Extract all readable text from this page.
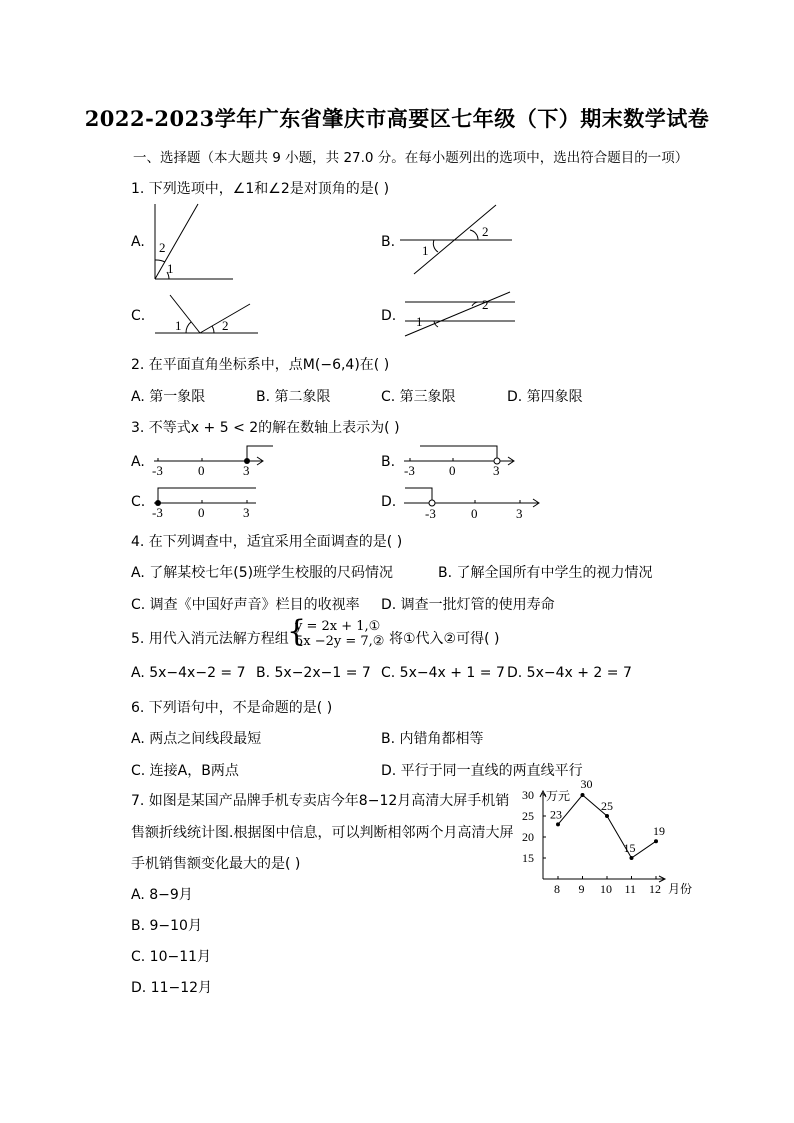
2022-2023学年广东省肇庆市高要区七年级（下）期末数学试卷
一、选择题（本大题共 9 小题，共 27.0 分。在每小题列出的选项中，选出符合题目的一项）
1. 下列选项中，∠1和∠2是对顶角的是( )
A. 2
1
B.
1
2
C.
1	2
D. 1
2
2. 在平面直角坐标系中，点M(−6,4)在( )
A. 第一象限	B. 第二象限	C. 第三象限	D. 第四象限
3. 不等式x + 5 < 2的解在数轴上表示为( )
A.
-3	0	3
B.
-3	0	3
C.
-3	0	3
D.
-3	0	3
4. 在下列调查中，适宜采用全面调查的是( )
A. 了解某校七年(5)班学生校服的尺码情况	B. 了解全国所有中学生的视力情况
C. 调查《中国好声音》栏目的收视率 D. 调查一批灯管的使用寿命
5. 用代入消元法解方程组
{
y = 2x + 1,①
5x −2y = 7,② 将①代入②可得( )
A. 5x−4x−2 = 7 B. 5x−2x−1 = 7 C. 5x−4x + 1 = 7 D. 5x−4x + 2 = 7
6. 下列语句中，不是命题的是( )
A. 两点之间线段最短	B. 内错角都相等
C. 连接A，B两点	D. 平行于同一直线的两直线平行
7. 如图是某国产品牌手机专卖店今年8−12月高清大屏手机销
售额折线统计图.根据图中信息，可以判断相邻两个月高清大屏
手机销售额变化最大的是( )
A. 8−9月
B. 9−10月
C. 10−11月
D. 11−12月
万元
月份
15
20
25
30
8 9 10 11 12
23
30
25
15
19
